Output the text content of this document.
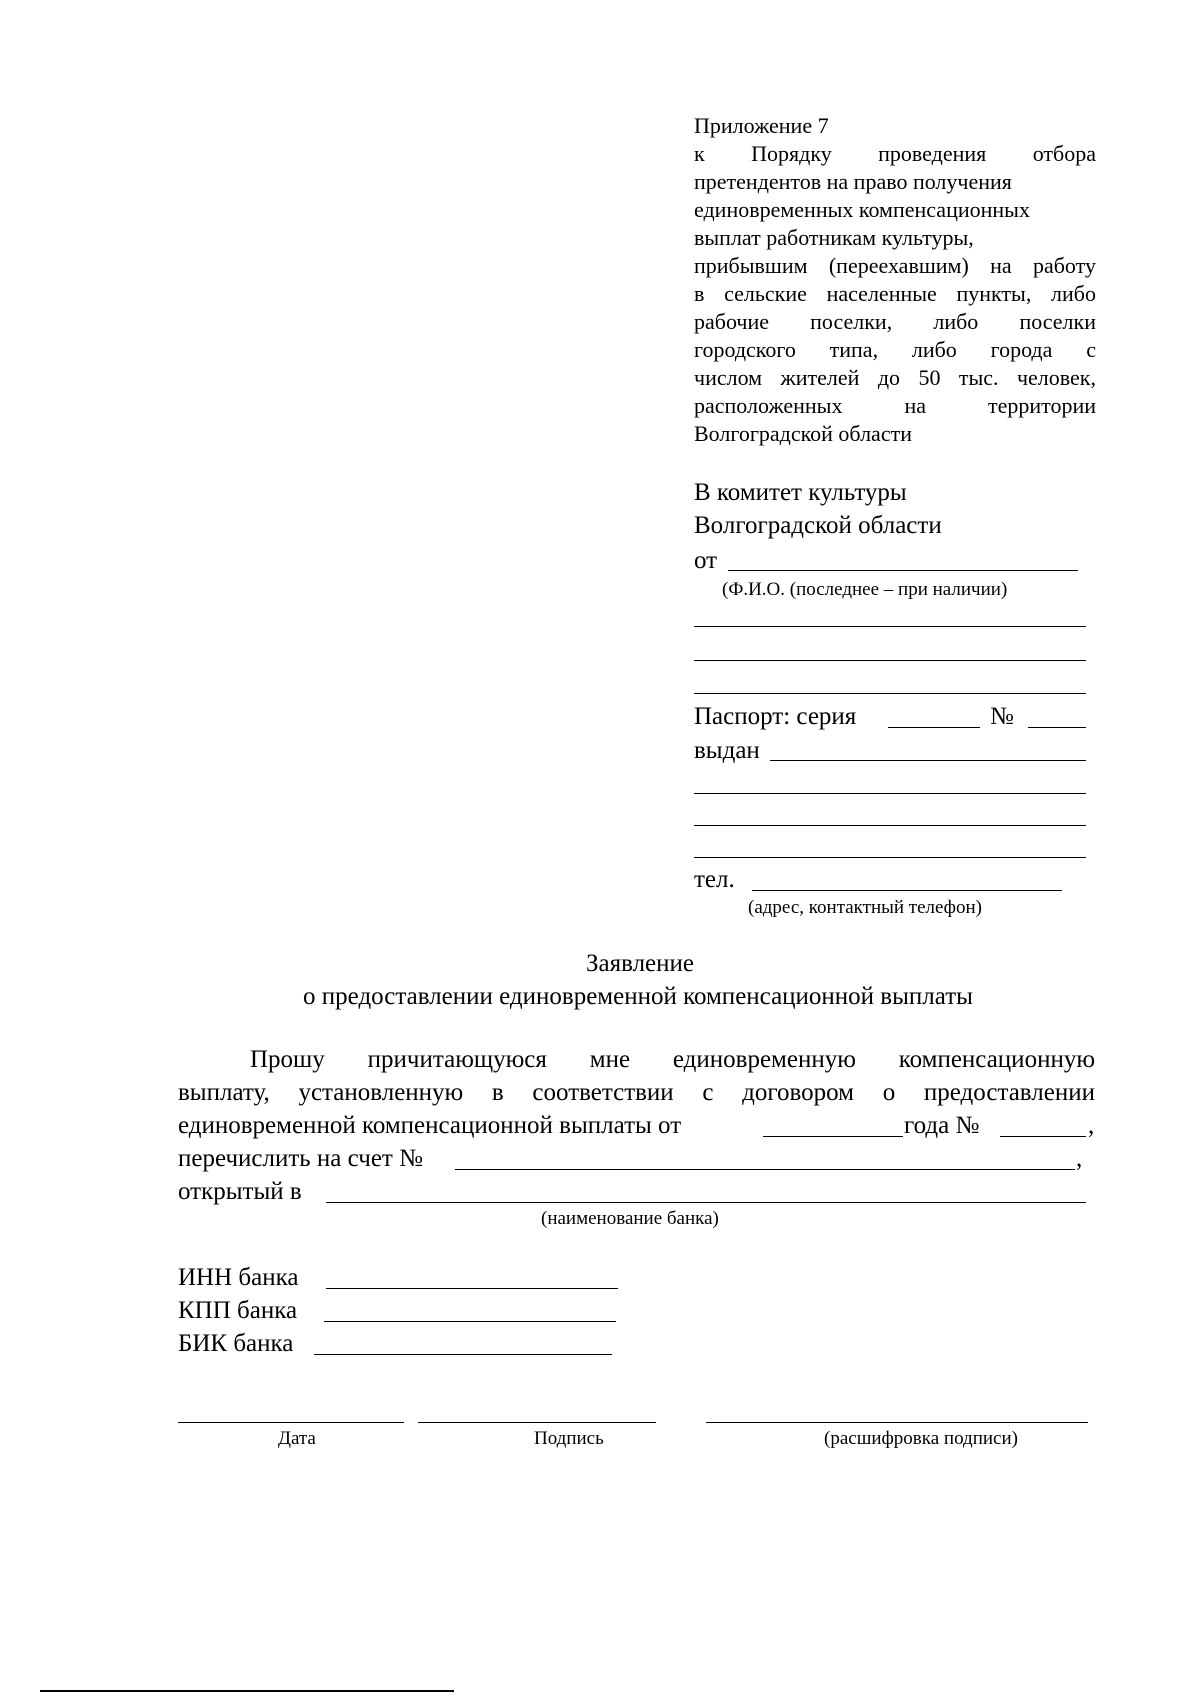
Приложение 7
к Порядку проведения отбора
претендентов на право получения
единовременных компенсационных
выплат работникам культуры,
прибывшим (переехавшим) на работу
в сельские населенные пункты, либо
рабочие поселки, либо поселки
городского типа, либо города с
числом жителей до 50 тыс. человек,
расположенных	на	территории
Волгоградской области
В комитет культуры
Волгоградской области
от
(Ф.И.О. (последнее – при наличии)
Паспорт: серия	№
выдан
тел.
(адрес, контактный телефон)
Заявление
о предоставлении единовременной компенсационной выплаты
Прошу причитающуюся мне единовременную компенсационную
выплату, установленную в соответствии с договором о предоставлении
единовременной компенсационной выплаты от	года №	,
перечислить на счет №	,
открытый в
(наименование банка)
ИНН банка
КПП банка
БИК банка
Дата	Подпись	(расшифровка подписи)
